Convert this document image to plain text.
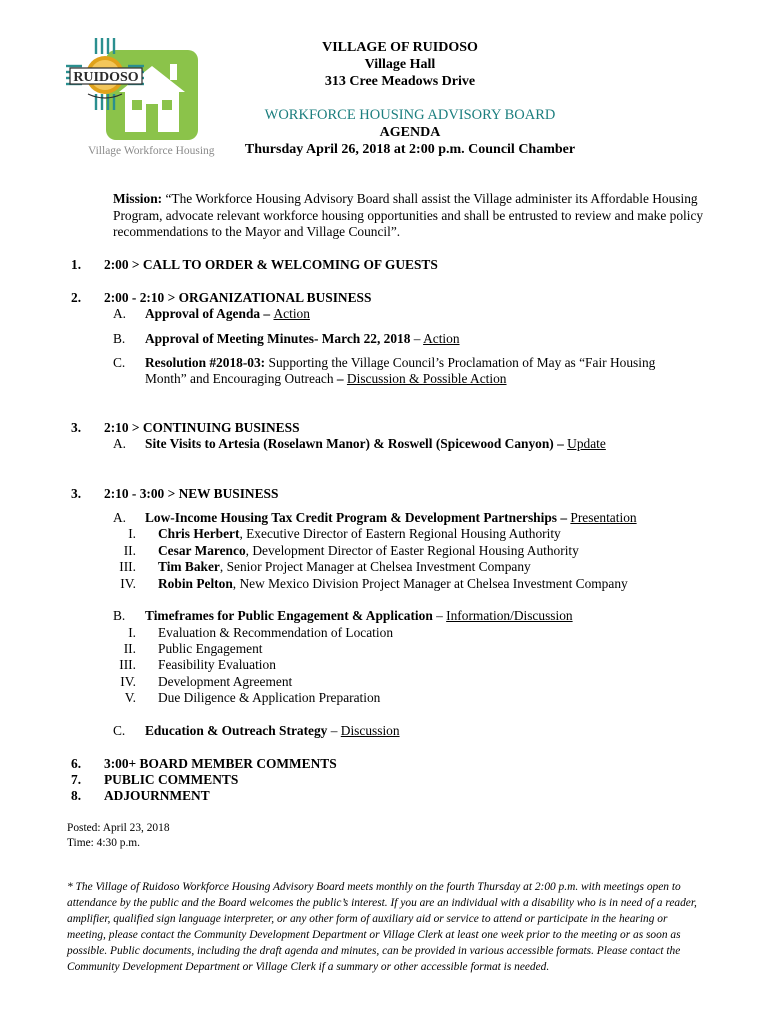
RUIDOSO
Village Workforce Housing
VILLAGE OF RUIDOSO
Village Hall
313 Cree Meadows Drive
WORKFORCE HOUSING ADVISORY BOARD
AGENDA
Thursday April 26, 2018 at 2:00 p.m. Council Chamber
Mission: “The Workforce Housing Advisory Board shall assist the Village administer its Affordable Housing Program, advocate relevant workforce housing opportunities and shall be entrusted to review and make policy recommendations to the Mayor and Village Council”.
1.	2:00 > CALL TO ORDER & WELCOMING OF GUESTS
2.	2:00 - 2:10 > ORGANIZATIONAL BUSINESS
A. Approval of Agenda – Action
B. Approval of Meeting Minutes- March 22, 2018 – Action
C. Resolution #2018-03: Supporting the Village Council’s Proclamation of May as “Fair Housing
Month” and Encouraging Outreach – Discussion & Possible Action
3.	2:10 > CONTINUING BUSINESS
A. Site Visits to Artesia (Roselawn Manor) & Roswell (Spicewood Canyon) – Update
3.	2:10 - 3:00 > NEW BUSINESS
A. Low-Income Housing Tax Credit Program & Development Partnerships – Presentation
I. Chris Herbert, Executive Director of Eastern Regional Housing Authority
II. Cesar Marenco, Development Director of Easter Regional Housing Authority
III. Tim Baker, Senior Project Manager at Chelsea Investment Company
IV. Robin Pelton, New Mexico Division Project Manager at Chelsea Investment Company
B. Timeframes for Public Engagement & Application – Information/Discussion
I. Evaluation & Recommendation of Location
II. Public Engagement
III. Feasibility Evaluation
IV. Development Agreement
V. Due Diligence & Application Preparation
C. Education & Outreach Strategy – Discussion
6.	3:00+ BOARD MEMBER COMMENTS
7.	PUBLIC COMMENTS
8.	ADJOURNMENT
Posted: April 23, 2018
Time: 4:30 p.m.
* The Village of Ruidoso Workforce Housing Advisory Board meets monthly on the fourth Thursday at 2:00 p.m. with meetings open to attendance by the public and the Board welcomes the public’s interest. If you are an individual with a disability who is in need of a reader, amplifier, qualified sign language interpreter, or any other form of auxiliary aid or service to attend or participate in the hearing or meeting, please contact the Community Development Department or Village Clerk at least one week prior to the meeting or as soon as possible. Public documents, including the draft agenda and minutes, can be provided in various accessible formats. Please contact the Community Development Department or Village Clerk if a summary or other accessible format is needed.
